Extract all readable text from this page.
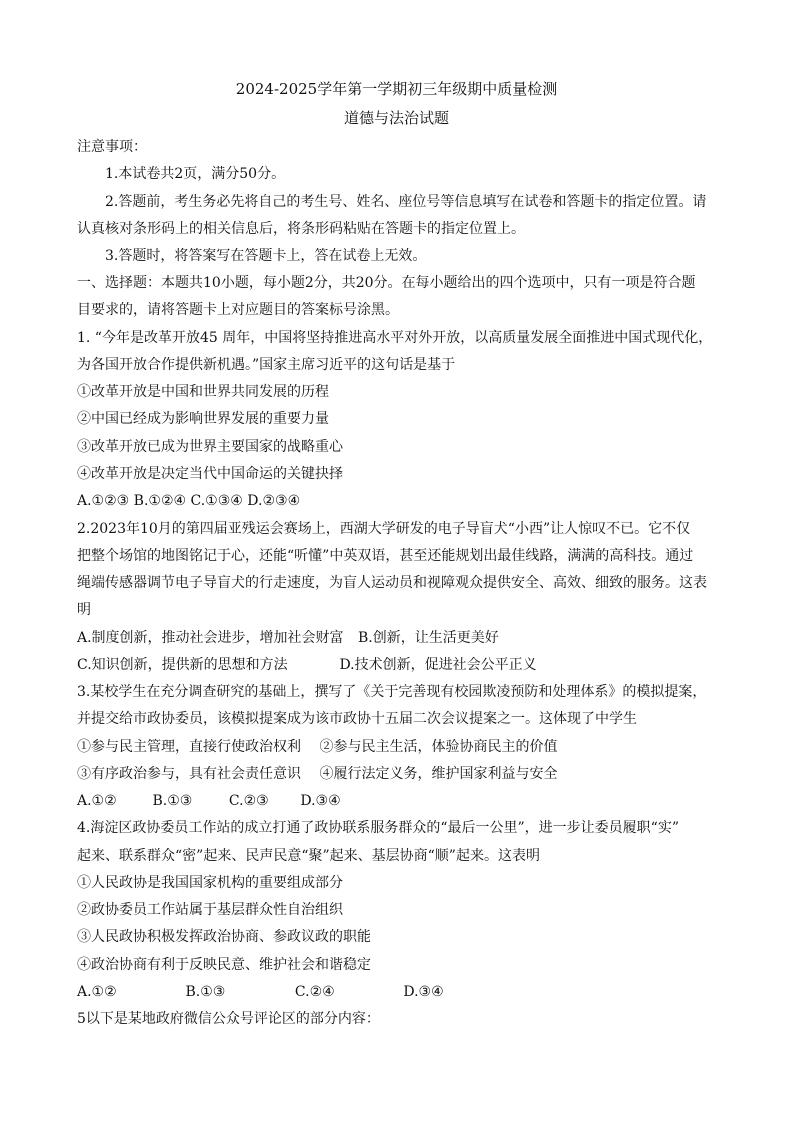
2024-2025学年第一学期初三年级期中质量检测
道德与法治试题
注意事项：
1.本试卷共2页，满分50分。
2.答题前，考生务必先将自己的考生号、姓名、座位号等信息填写在试卷和答题卡的指定位置。请
认真核对条形码上的相关信息后，将条形码粘贴在答题卡的指定位置上。
3.答题时，将答案写在答题卡上，答在试卷上无效。
一、选择题：本题共10小题，每小题2分，共20分。在每小题给出的四个选项中，只有一项是符合题
目要求的，请将答题卡上对应题目的答案标号涂黑。
1. “今年是改革开放45 周年，中国将坚持推进高水平对外开放，以高质量发展全面推进中国式现代化，
为各国开放合作提供新机遇。”国家主席习近平的这句话是基于
①改革开放是中国和世界共同发展的历程
②中国已经成为影响世界发展的重要力量
③改革开放已成为世界主要国家的战略重心
④改革开放是决定当代中国命运的关键抉择
A.①②③ B.①②④ C.①③④ D.②③④
2.2023年10月的第四届亚残运会赛场上，西湖大学研发的电子导盲犬“小西”让人惊叹不已。它不仅
把整个场馆的地图铭记于心，还能“听懂”中英双语，甚至还能规划出最佳线路，满满的高科技。通过
绳端传感器调节电子导盲犬的行走速度，为盲人运动员和视障观众提供安全、高效、细致的服务。这表
明
A.制度创新，推动社会进步，增加社会财富 B.创新，让生活更美好
C.知识创新，提供新的思想和方法	D.技术创新，促进社会公平正义
3.某校学生在充分调查研究的基础上，撰写了《关于完善现有校园欺凌预防和处理体系》的模拟提案，
并提交给市政协委员，该模拟提案成为该市政协十五届二次会议提案之一。这体现了中学生
①参与民主管理，直接行使政治权利 ②参与民主生活，体验协商民主的价值
③有序政治参与，具有社会责任意识 ④履行法定义务，维护国家利益与安全
A.①②	B.①③	C.②③ D.③④
4.海淀区政协委员工作站的成立打通了政协联系服务群众的“最后一公里”，进一步让委员履职“实”
起来、联系群众“密”起来、民声民意“聚”起来、基层协商“顺”起来。这表明
①人民政协是我国国家机构的重要组成部分
②政协委员工作站属于基层群众性自治组织
③人民政协积极发挥政治协商、参政议政的职能
④政治协商有利于反映民意、维护社会和谐稳定
A.①②	B.①③	C.②④	D.③④
5以下是某地政府微信公众号评论区的部分内容：
